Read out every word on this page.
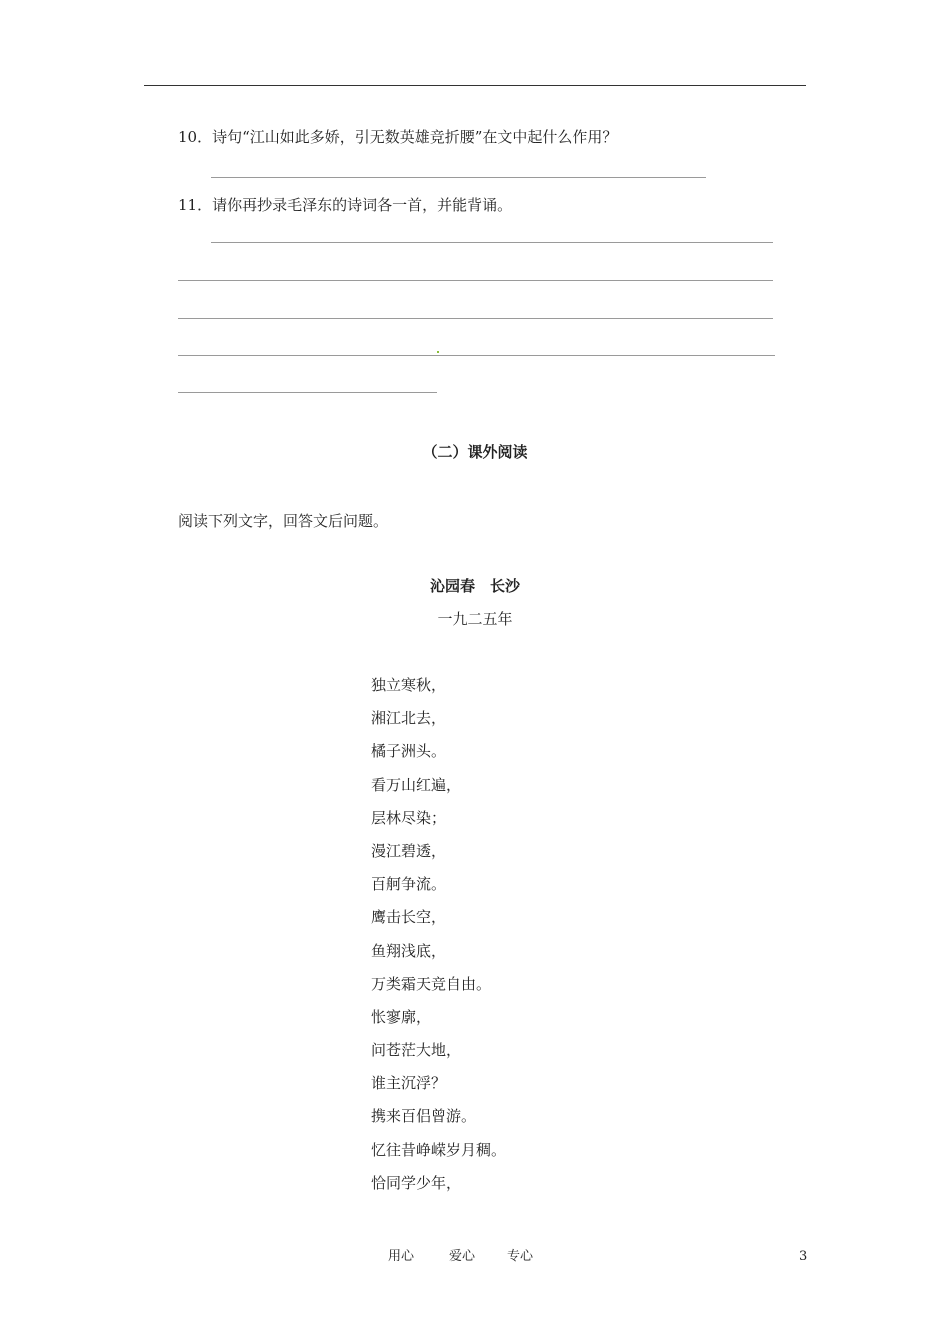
10．诗句“江山如此多娇，引无数英雄竞折腰”在文中起什么作用？
11．请你再抄录毛泽东的诗词各一首，并能背诵。
（二）课外阅读
阅读下列文字，回答文后问题。
沁园春　长沙
一九二五年
独立寒秋，
湘江北去，
橘子洲头。
看万山红遍，
层林尽染；
漫江碧透，
百舸争流。
鹰击长空，
鱼翔浅底，
万类霜天竞自由。
怅寥廓，
问苍茫大地，
谁主沉浮？
携来百侣曾游。
忆往昔峥嵘岁月稠。
恰同学少年，
用心	爱心 专心	3
